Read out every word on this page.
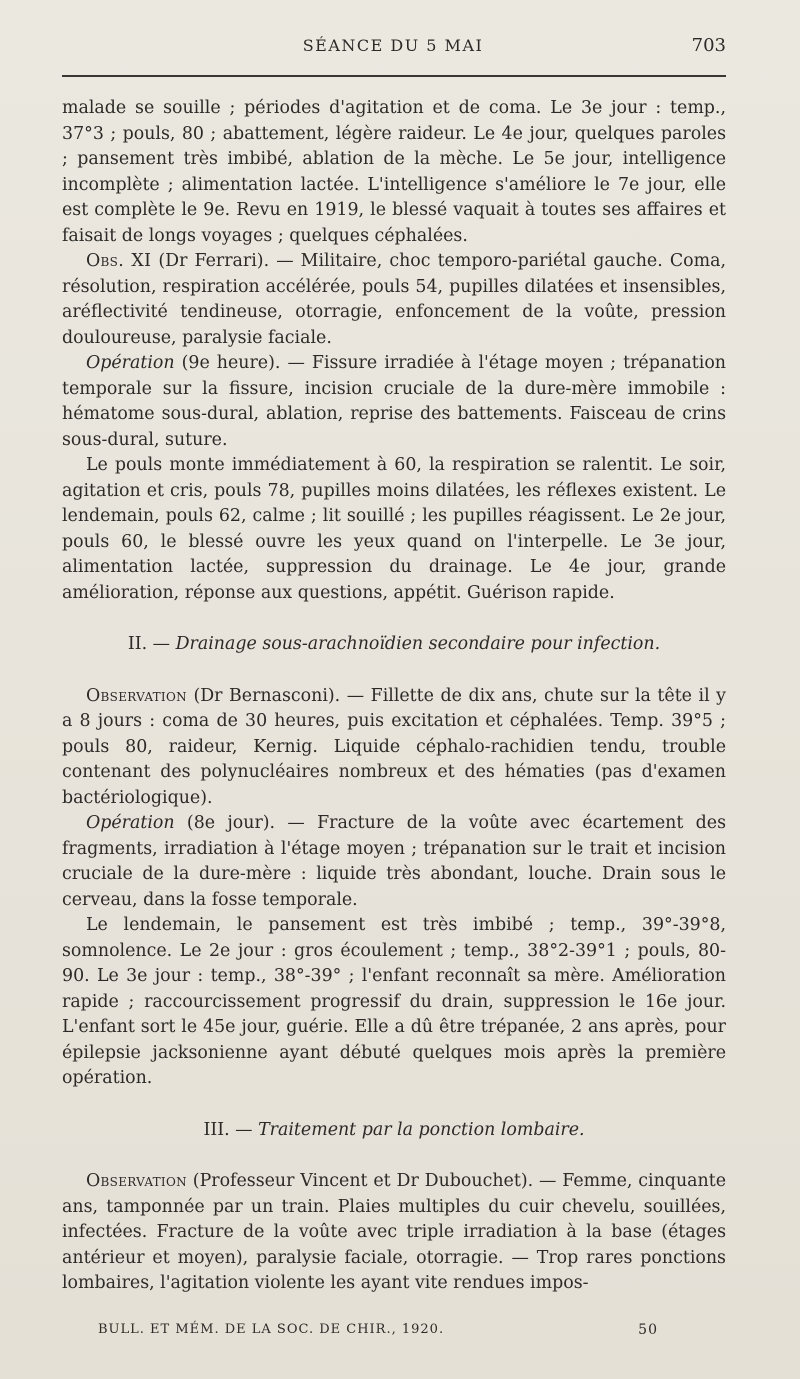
SÉANCE DU 5 MAI	703

malade se souille ; périodes d'agitation et de coma. Le 3e jour : temp., 37°3 ; pouls, 80 ; abattement, légère raideur. Le 4e jour, quelques paroles ; pansement très imbibé, ablation de la mèche. Le 5e jour, intelligence incomplète ; alimentation lactée. L'intelligence s'améliore le 7e jour, elle est complète le 9e. Revu en 1919, le blessé vaquait à toutes ses affaires et faisait de longs voyages ; quelques céphalées.

Obs. XI (Dr Ferrari). — Militaire, choc temporo-pariétal gauche. Coma, résolution, respiration accélérée, pouls 54, pupilles dilatées et insensibles, aréflectivité tendineuse, otorragie, enfoncement de la voûte, pression douloureuse, paralysie faciale.

Opération (9e heure). — Fissure irradiée à l'étage moyen ; trépanation temporale sur la fissure, incision cruciale de la dure-mère immobile : hématome sous-dural, ablation, reprise des battements. Faisceau de crins sous-dural, suture.

Le pouls monte immédiatement à 60, la respiration se ralentit. Le soir, agitation et cris, pouls 78, pupilles moins dilatées, les réflexes existent. Le lendemain, pouls 62, calme ; lit souillé ; les pupilles réagissent. Le 2e jour, pouls 60, le blessé ouvre les yeux quand on l'interpelle. Le 3e jour, alimentation lactée, suppression du drainage. Le 4e jour, grande amélioration, réponse aux questions, appétit. Guérison rapide.

II. — Drainage sous-arachnoïdien secondaire pour infection.

Observation (Dr Bernasconi). — Fillette de dix ans, chute sur la tête il y a 8 jours : coma de 30 heures, puis excitation et céphalées. Temp. 39°5 ; pouls 80, raideur, Kernig. Liquide céphalo-rachidien tendu, trouble contenant des polynucléaires nombreux et des hématies (pas d'examen bactériologique).

Opération (8e jour). — Fracture de la voûte avec écartement des fragments, irradiation à l'étage moyen ; trépanation sur le trait et incision cruciale de la dure-mère : liquide très abondant, louche. Drain sous le cerveau, dans la fosse temporale.

Le lendemain, le pansement est très imbibé ; temp., 39°-39°8, somnolence. Le 2e jour : gros écoulement ; temp., 38°2-39°1 ; pouls, 80-90. Le 3e jour : temp., 38°-39° ; l'enfant reconnaît sa mère. Amélioration rapide ; raccourcissement progressif du drain, suppression le 16e jour. L'enfant sort le 45e jour, guérie. Elle a dû être trépanée, 2 ans après, pour épilepsie jacksonienne ayant débuté quelques mois après la première opération.

III. — Traitement par la ponction lombaire.

Observation (Professeur Vincent et Dr Dubouchet). — Femme, cinquante ans, tamponnée par un train. Plaies multiples du cuir chevelu, souillées, infectées. Fracture de la voûte avec triple irradiation à la base (étages antérieur et moyen), paralysie faciale, otorragie. — Trop rares ponctions lombaires, l'agitation violente les ayant vite rendues impos-

BULL. ET MÉM. DE LA SOC. DE CHIR., 1920.	50
